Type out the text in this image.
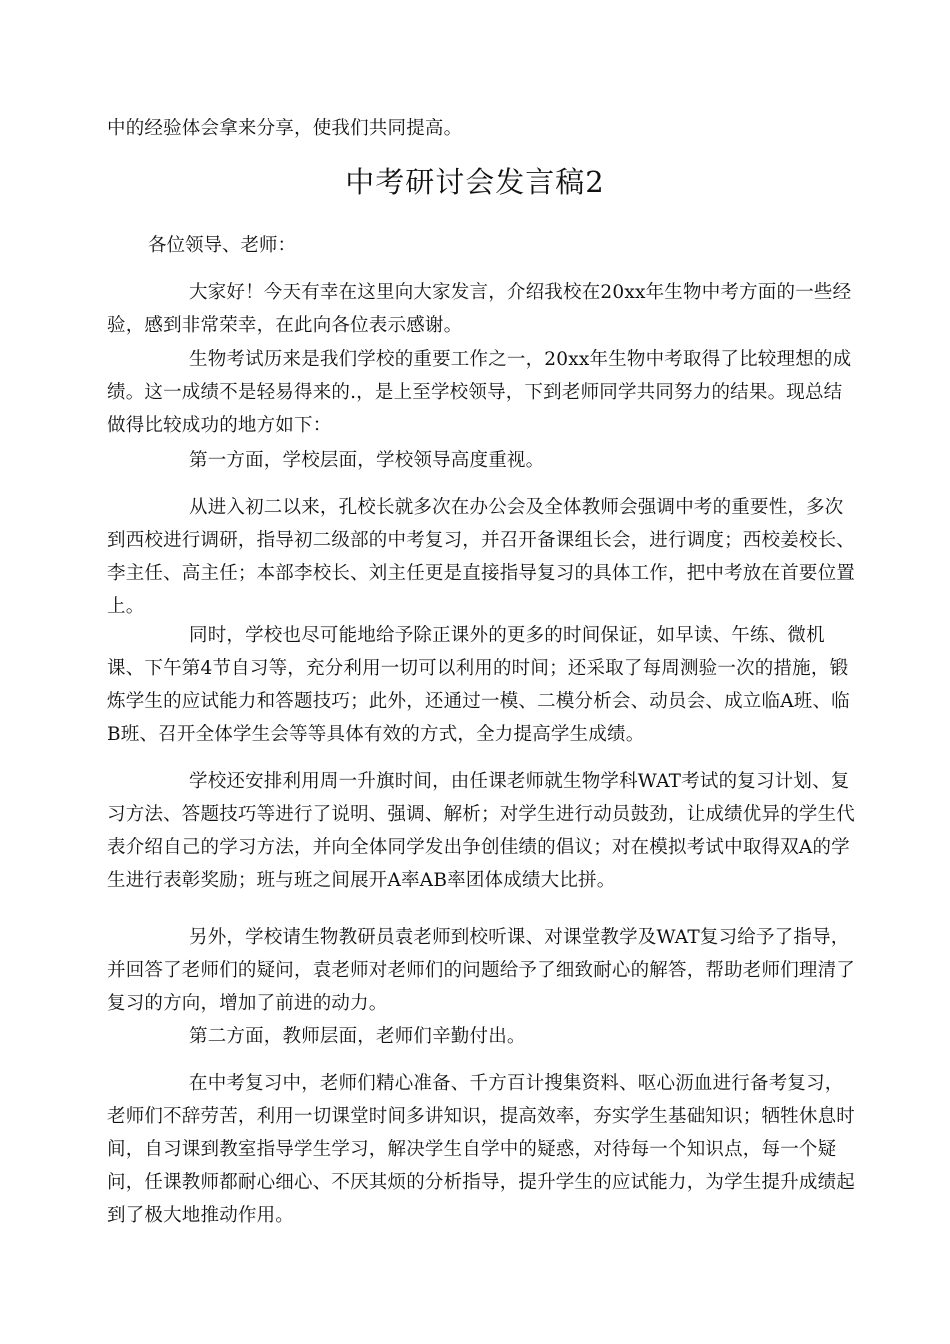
中的经验体会拿来分享，使我们共同提高。

中考研讨会发言稿2

各位领导、老师：

大家好！今天有幸在这里向大家发言，介绍我校在20xx年生物中考方面的一些经验，感到非常荣幸，在此向各位表示感谢。

生物考试历来是我们学校的重要工作之一，20xx年生物中考取得了比较理想的成绩。这一成绩不是轻易得来的.，是上至学校领导，下到老师同学共同努力的结果。现总结做得比较成功的地方如下：

第一方面，学校层面，学校领导高度重视。

从进入初二以来，孔校长就多次在办公会及全体教师会强调中考的重要性，多次到西校进行调研，指导初二级部的中考复习，并召开备课组长会，进行调度；西校姜校长、李主任、高主任；本部李校长、刘主任更是直接指导复习的具体工作，把中考放在首要位置上。

同时，学校也尽可能地给予除正课外的更多的时间保证，如早读、午练、微机课、下午第4节自习等，充分利用一切可以利用的时间；还采取了每周测验一次的措施，锻炼学生的应试能力和答题技巧；此外，还通过一模、二模分析会、动员会、成立临A班、临B班、召开全体学生会等等具体有效的方式，全力提高学生成绩。

学校还安排利用周一升旗时间，由任课老师就生物学科WAT考试的复习计划、复习方法、答题技巧等进行了说明、强调、解析；对学生进行动员鼓劲，让成绩优异的学生代表介绍自己的学习方法，并向全体同学发出争创佳绩的倡议；对在模拟考试中取得双A的学生进行表彰奖励；班与班之间展开A率AB率团体成绩大比拼。

另外，学校请生物教研员袁老师到校听课、对课堂教学及WAT复习给予了指导，并回答了老师们的疑问，袁老师对老师们的问题给予了细致耐心的解答，帮助老师们理清了复习的方向，增加了前进的动力。

第二方面，教师层面，老师们辛勤付出。

在中考复习中，老师们精心准备、千方百计搜集资料、呕心沥血进行备考复习，老师们不辞劳苦，利用一切课堂时间多讲知识，提高效率，夯实学生基础知识；牺牲休息时间，自习课到教室指导学生学习，解决学生自学中的疑惑，对待每一个知识点，每一个疑问，任课教师都耐心细心、不厌其烦的分析指导，提升学生的应试能力，为学生提升成绩起到了极大地推动作用。
